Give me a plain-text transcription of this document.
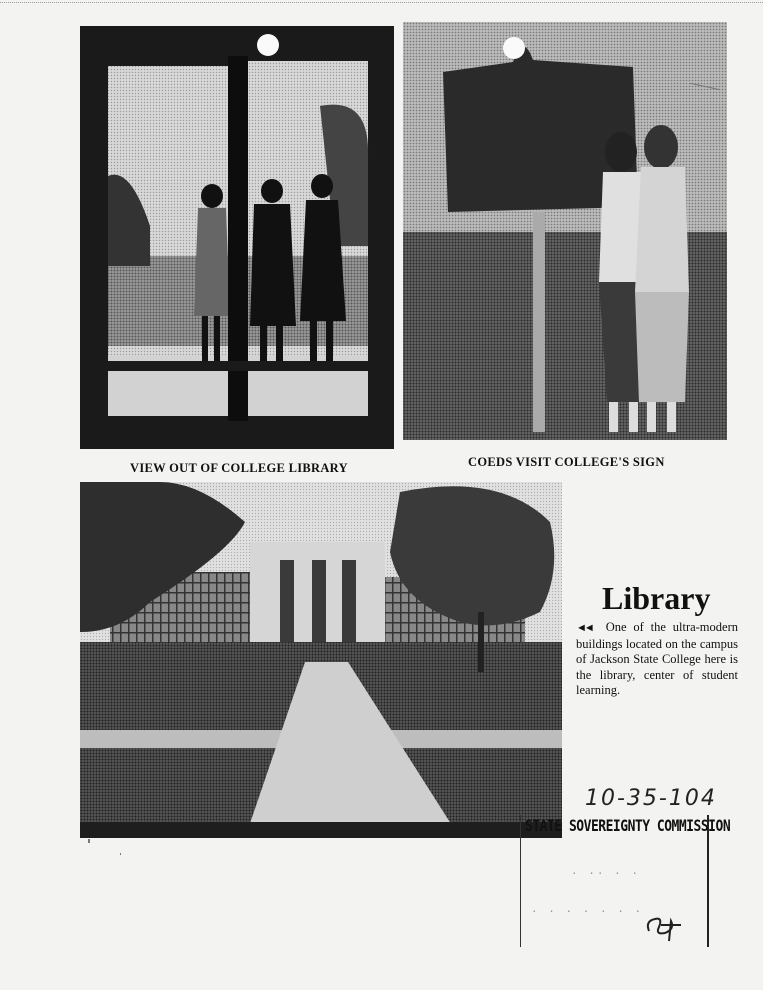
VIEW OUT OF COLLEGE LIBRARY	COEDS VISIT COLLEGE'S SIGN
Library
◄◄ One of the ultra-modern buildings located on the campus of Jackson State College here is the library, center of student learning.
10-35-104
STATE SOVEREIGNTY COMMISSION
· ·· · ·
· · · · · · ·
